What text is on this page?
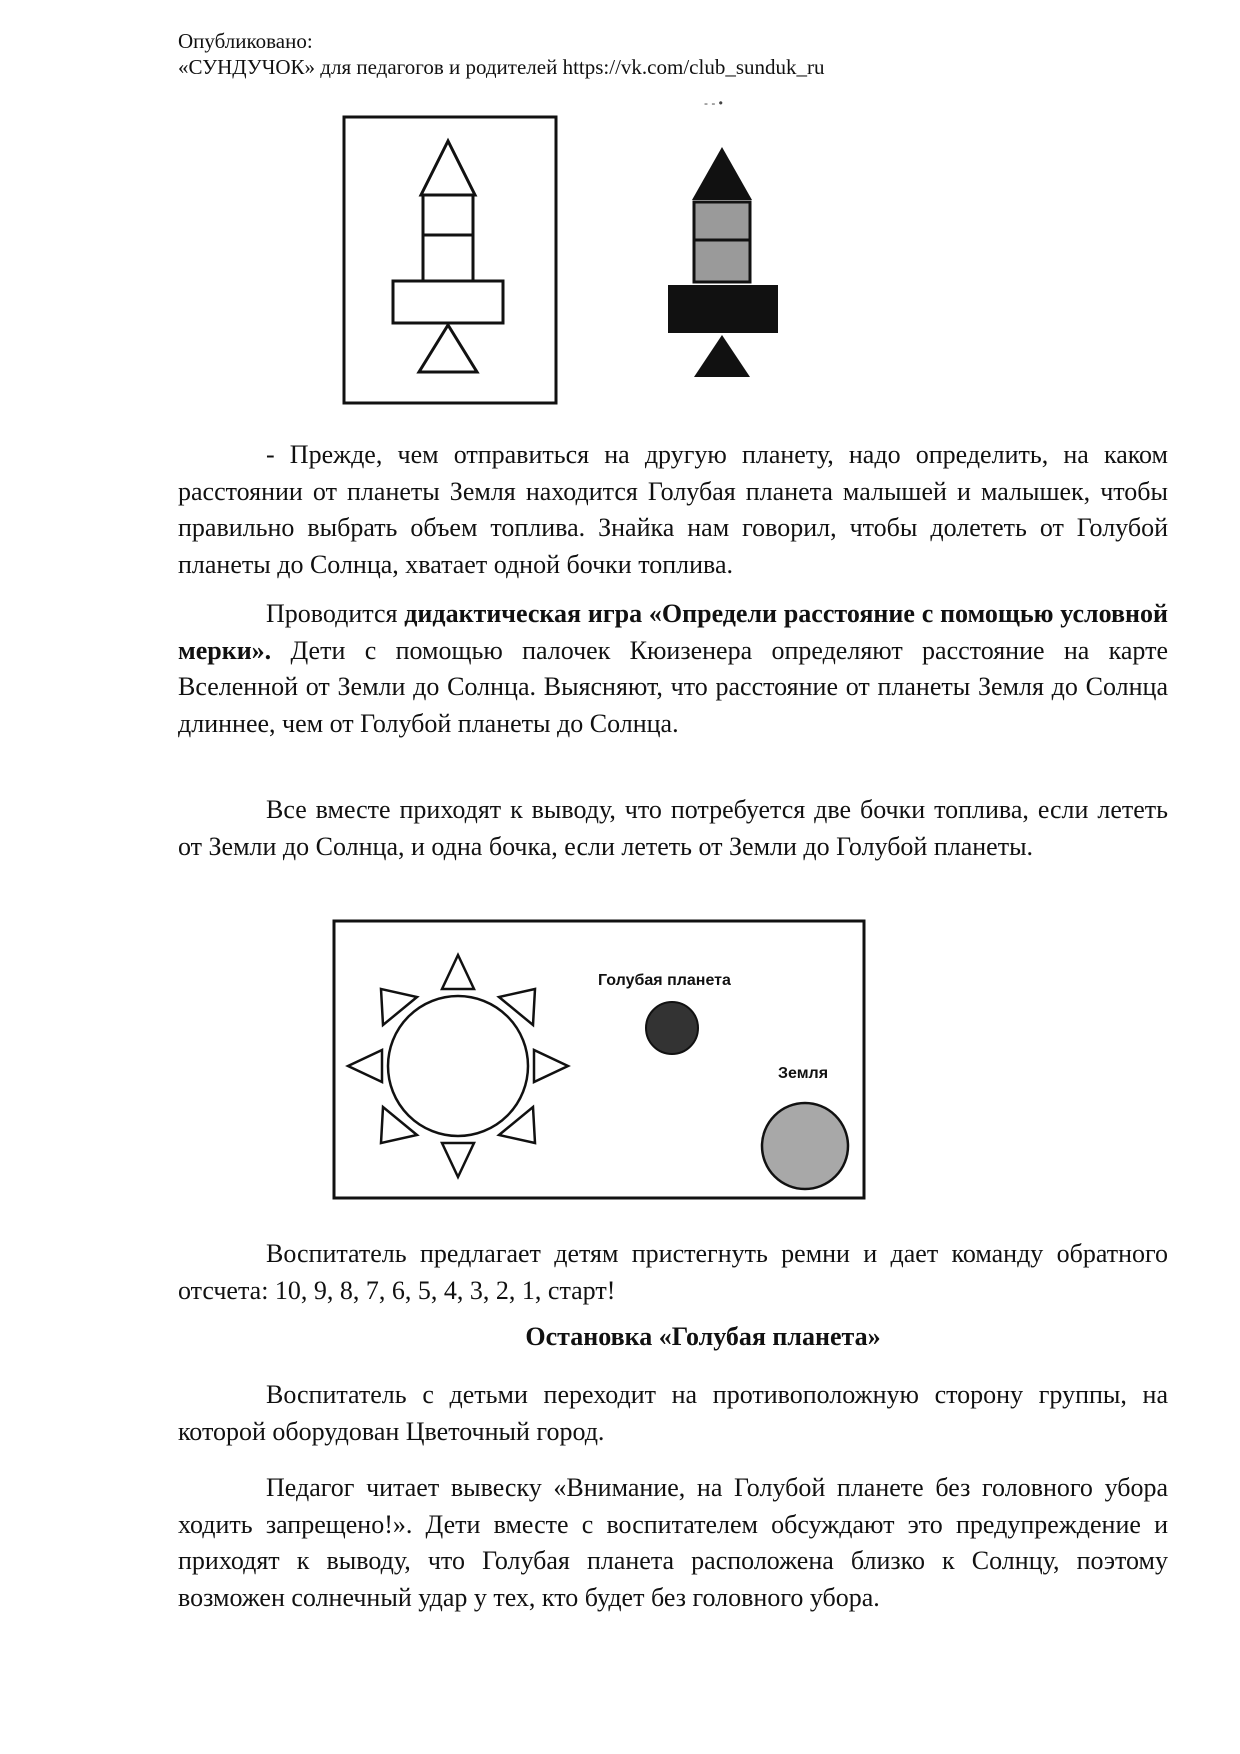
Опубликовано:
«СУНДУЧОК» для педагогов и родителей https://vk.com/club_sunduk_ru
- - •

- Прежде, чем отправиться на другую планету, надо определить, на каком расстоянии от планеты Земля находится Голубая планета малышей и малышек, чтобы правильно выбрать объем топлива. Знайка нам говорил, чтобы долететь от Голубой планеты до Солнца, хватает одной бочки топлива.

Проводится дидактическая игра «Определи расстояние с помощью условной мерки». Дети с помощью палочек Кюизенера определяют расстояние на карте Вселенной от Земли до Солнца. Выясняют, что расстояние от планеты Земля до Солнца длиннее, чем от Голубой планеты до Солнца.

Все вместе приходят к выводу, что потребуется две бочки топлива, если лететь от Земли до Солнца, и одна бочка, если лететь от Земли до Голубой планеты.

Голубая планета
Земля

Воспитатель предлагает детям пристегнуть ремни и дает команду обратного отсчета: 10, 9, 8, 7, 6, 5, 4, 3, 2, 1, старт!

Остановка «Голубая планета»

Воспитатель с детьми переходит на противоположную сторону группы, на которой оборудован Цветочный город.

Педагог читает вывеску «Внимание, на Голубой планете без головного убора ходить запрещено!». Дети вместе с воспитателем обсуждают это предупреждение и приходят к выводу, что Голубая планета расположена близко к Солнцу, поэтому возможен солнечный удар у тех, кто будет без головного убора.
